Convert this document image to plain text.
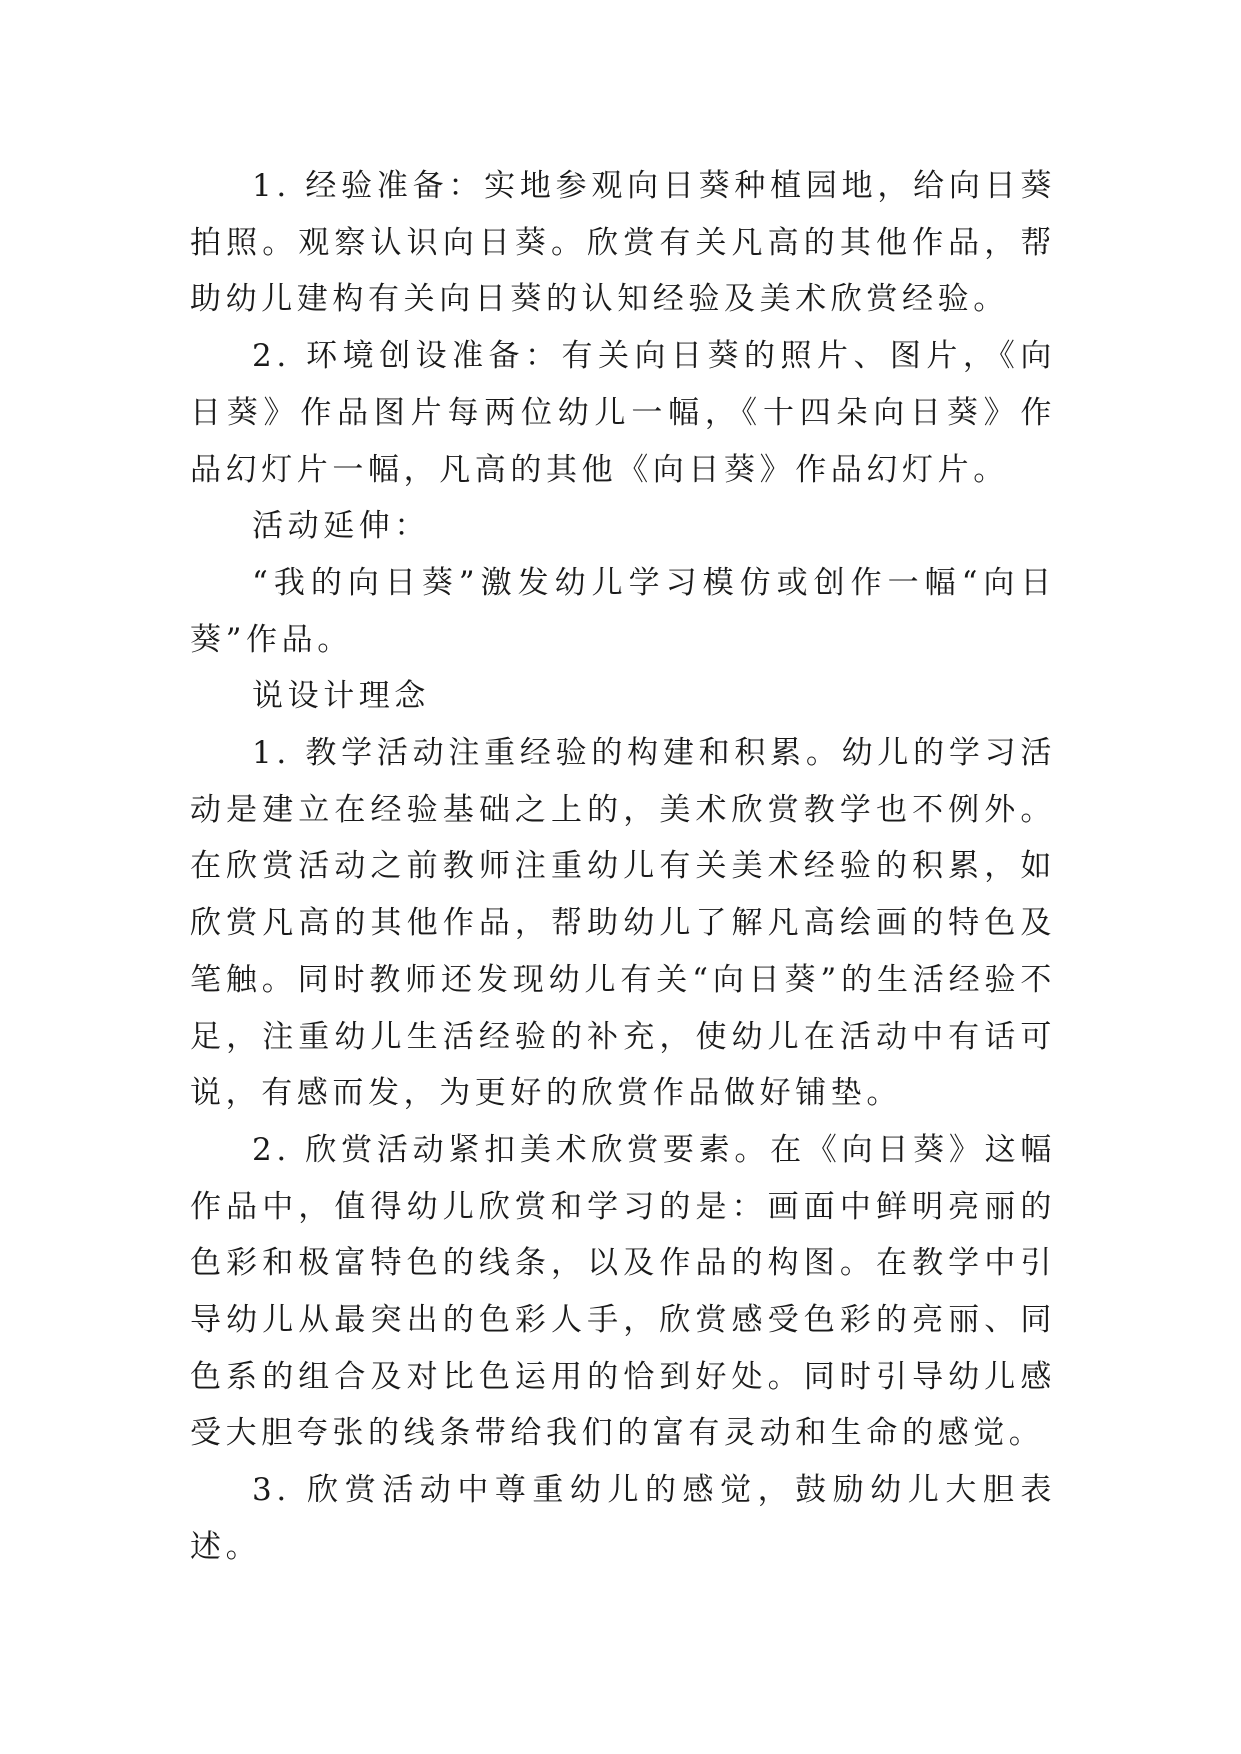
1. 经验准备：实地参观向日葵种植园地，给向日葵拍照。观察认识向日葵。欣赏有关凡高的其他作品，帮助幼儿建构有关向日葵的认知经验及美术欣赏经验。

2. 环境创设准备：有关向日葵的照片、图片，《向日葵》作品图片每两位幼儿一幅，《十四朵向日葵》作品幻灯片一幅，凡高的其他《向日葵》作品幻灯片。

活动延伸：

“我的向日葵”激发幼儿学习模仿或创作一幅“向日葵”作品。

说设计理念

1. 教学活动注重经验的构建和积累。幼儿的学习活动是建立在经验基础之上的，美术欣赏教学也不例外。在欣赏活动之前教师注重幼儿有关美术经验的积累，如欣赏凡高的其他作品，帮助幼儿了解凡高绘画的特色及笔触。同时教师还发现幼儿有关“向日葵”的生活经验不足，注重幼儿生活经验的补充，使幼儿在活动中有话可说，有感而发，为更好的欣赏作品做好铺垫。

2. 欣赏活动紧扣美术欣赏要素。在《向日葵》这幅作品中，值得幼儿欣赏和学习的是：画面中鲜明亮丽的色彩和极富特色的线条，以及作品的构图。在教学中引导幼儿从最突出的色彩人手，欣赏感受色彩的亮丽、同色系的组合及对比色运用的恰到好处。同时引导幼儿感受大胆夸张的线条带给我们的富有灵动和生命的感觉。

3. 欣赏活动中尊重幼儿的感觉，鼓励幼儿大胆表述。
